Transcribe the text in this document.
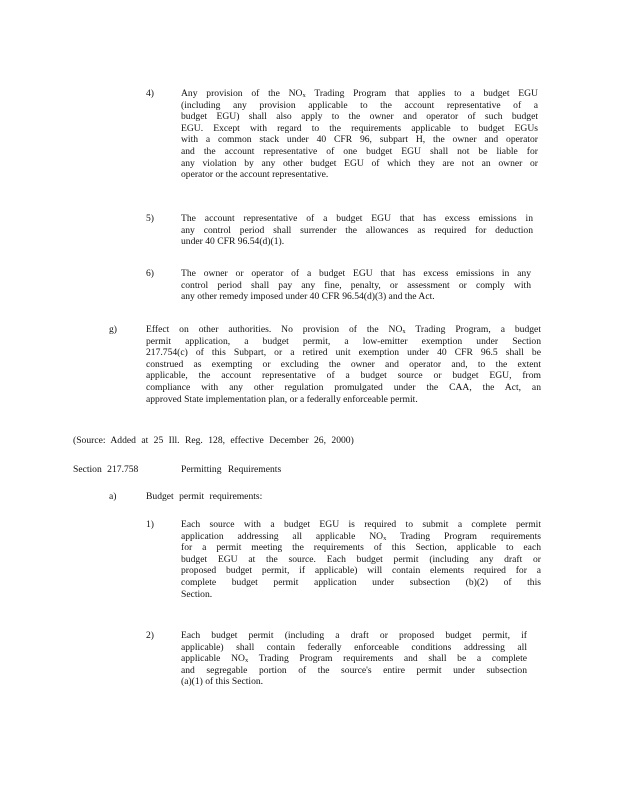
4)	Any provision of the $NO_x$ Trading Program that applies to a budget EGU
(including any provision applicable to the account representative of a
budget EGU) shall also apply to the owner and operator of such budget
EGU. Except with regard to the requirements applicable to budget EGUs
with a common stack under 40 CFR 96, subpart H, the owner and operator
and the account representative of one budget EGU shall not be liable for
any violation by any other budget EGU of which they are not an owner or
operator or the account representative.
5)	The account representative of a budget EGU that has excess emissions in
any control period shall surrender the allowances as required for deduction
under 40 CFR 96.54(d)(1).
6)	The owner or operator of a budget EGU that has excess emissions in any
control period shall pay any fine, penalty, or assessment or comply with
any other remedy imposed under 40 CFR 96.54(d)(3) and the Act.
g)	Effect on other authorities. No provision of the $NO_x$ Trading Program, a budget
permit application, a budget permit, a low-emitter exemption under Section
217.754(c) of this Subpart, or a retired unit exemption under 40 CFR 96.5 shall be
construed as exempting or excluding the owner and operator and, to the extent
applicable, the account representative of a budget source or budget EGU, from
compliance with any other regulation promulgated under the CAA, the Act, an
approved State implementation plan, or a federally enforceable permit.
(Source: Added at 25 Ill. Reg. 128, effective December 26, 2000)
Section 217.758	Permitting Requirements
a)	Budget permit requirements:
1)	Each source with a budget EGU is required to submit a complete permit
application addressing all applicable $NO_x$ Trading Program requirements
for a permit meeting the requirements of this Section, applicable to each
budget EGU at the source. Each budget permit (including any draft or
proposed budget permit, if applicable) will contain elements required for a
complete budget permit application under subsection (b)(2) of this
Section.
2)	Each budget permit (including a draft or proposed budget permit, if
applicable) shall contain federally enforceable conditions addressing all
applicable $NO_x$ Trading Program requirements and shall be a complete
and segregable portion of the source's entire permit under subsection
(a)(1) of this Section.
